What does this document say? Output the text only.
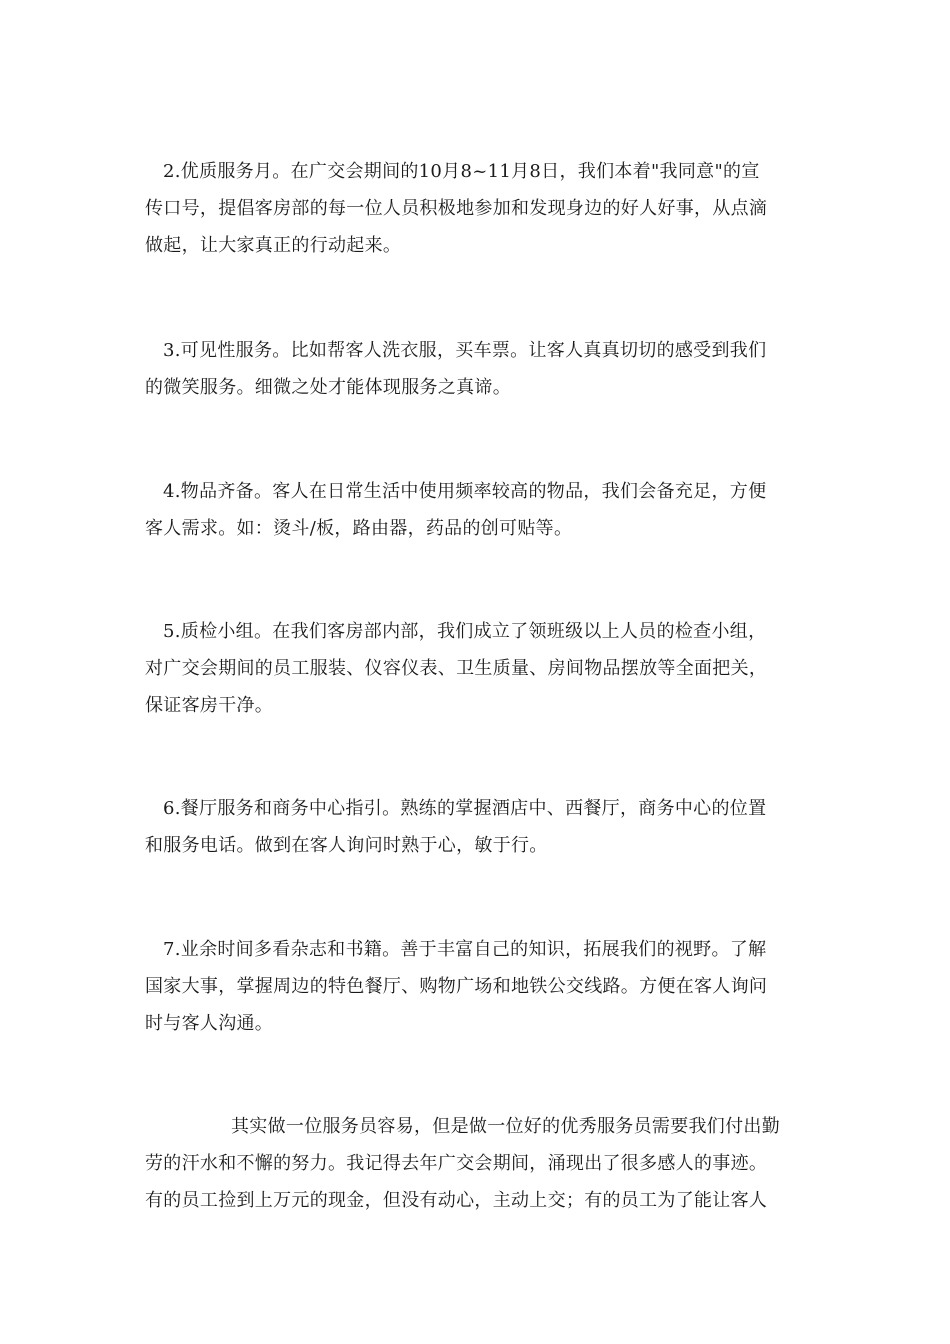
2.优质服务月。在广交会期间的10月8~11月8日，我们本着"我同意"的宣
传口号，提倡客房部的每一位人员积极地参加和发现身边的好人好事，从点滴
做起，让大家真正的行动起来。

3.可见性服务。比如帮客人洗衣服，买车票。让客人真真切切的感受到我们
的微笑服务。细微之处才能体现服务之真谛。

4.物品齐备。客人在日常生活中使用频率较高的物品，我们会备充足，方便
客人需求。如：烫斗/板，路由器，药品的创可贴等。

5.质检小组。在我们客房部内部，我们成立了领班级以上人员的检查小组，
对广交会期间的员工服装、仪容仪表、卫生质量、房间物品摆放等全面把关，
保证客房干净。

6.餐厅服务和商务中心指引。熟练的掌握酒店中、西餐厅，商务中心的位置
和服务电话。做到在客人询问时熟于心，敏于行。

7.业余时间多看杂志和书籍。善于丰富自己的知识，拓展我们的视野。了解
国家大事，掌握周边的特色餐厅、购物广场和地铁公交线路。方便在客人询问
时与客人沟通。

其实做一位服务员容易，但是做一位好的优秀服务员需要我们付出勤
劳的汗水和不懈的努力。我记得去年广交会期间，涌现出了很多感人的事迹。
有的员工捡到上万元的现金，但没有动心，主动上交；有的员工为了能让客人
